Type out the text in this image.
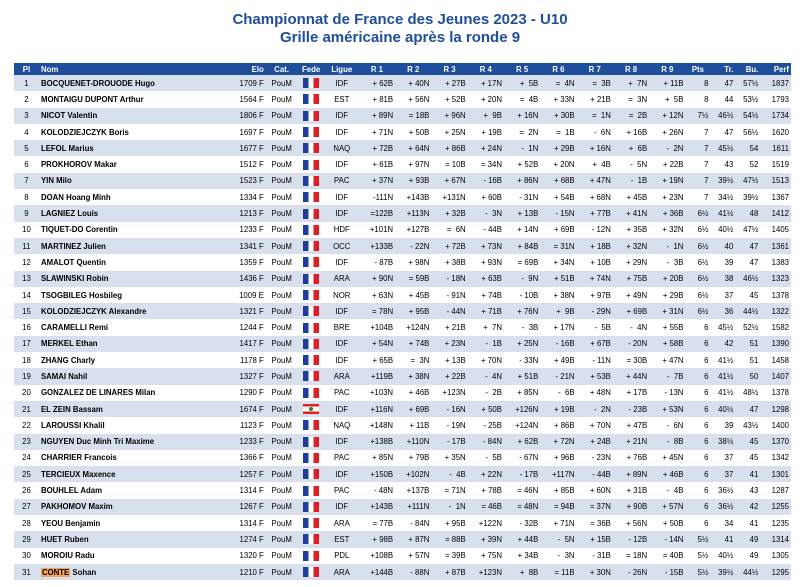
Championnat de France des Jeunes 2023 - U10
Grille américaine après la ronde 9
Pl	Nom	Elo	Cat.	Fede	Ligue	R 1	R 2	R 3	R 4	R 5	R 6	R 7	R 8	R 9	Pts	Tr.	Bu.	Perf
1	BOCQUENET-DROUODE Hugo	1709 F	PouM		IDF	+ 62B	+ 40N	+ 27B	+ 17N	+  5B	=  4N	=  3B	+  7N	+ 11B	8	47	57½	1837
2	MONTAIGU DUPONT Arthur	1564 F	PouM		EST	+ 81B	+ 56N	+ 52B	+ 20N	=  4B	+ 33N	+ 21B	=  3N	+  5B	8	44	53½	1793
3	NICOT Valentin	1806 F	PouM		IDF	+ 89N	= 18B	+ 96N	+  9B	+ 16N	+ 30B	=  1N	=  2B	+ 12N	7½	46½	54½	1734
4	KOLODZIEJCZYK Boris	1697 F	PouM		IDF	+ 71N	+ 50B	+ 25N	+ 19B	=  2N	=  1B	-  6N	+ 16B	+ 26N	7	47	56½	1620
5	LEFOL Marius	1677 F	PouM		NAQ	+ 72B	+ 64N	+ 86B	+ 24N	-  1N	+ 29B	+ 16N	+  6B	-  2N	7	45½	54	1611
6	PROKHOROV Makar	1512 F	PouM		IDF	+ 61B	+ 97N	= 10B	= 34N	+ 52B	+ 20N	+  4B	-  5N	+ 22B	7	43	52	1519
7	YIN Milo	1523 F	PouM		PAC	+ 37N	+ 93B	+ 67N	- 16B	+ 86N	+ 68B	+ 47N	-  1B	+ 19N	7	39½	47½	1513
8	DOAN Hoang Minh	1334 F	PouM		IDF	-111N	+143B	+131N	+ 60B	- 31N	+ 54B	+ 68N	+ 45B	+ 23N	7	34½	39½	1367
9	LAGNIEZ Louis	1213 F	PouM		IDF	=122B	+113N	+ 32B	-  3N	+ 13B	- 15N	+ 77B	+ 41N	+ 36B	6½	41½	48	1412
10	TIQUET-DO Corentin	1233 F	PouM		HDF	+101N	+127B	=  6N	- 44B	+ 14N	+ 69B	- 12N	+ 35B	+ 32N	6½	40½	47½	1405
11	MARTINEZ Julien	1341 F	PouM		OCC	+133B	- 22N	+ 72B	+ 73N	+ 84B	= 31N	+ 18B	+ 32N	-  1N	6½	40	47	1361
12	AMALOT Quentin	1359 F	PouM		IDF	- 87B	+ 98N	+ 38B	+ 93N	= 69B	+ 34N	+ 10B	+ 29N	-  3B	6½	39	47	1383
13	SLAWINSKI Robin	1436 F	PouM		ARA	+ 90N	= 59B	- 18N	+ 63B	-  9N	+ 51B	+ 74N	+ 75B	+ 20B	6½	38	46½	1323
14	TSOGBILEG Hosbileg	1009 E	PouM		NOR	+ 63N	+ 45B	- 91N	+ 74B	- 10B	+ 38N	+ 97B	+ 49N	+ 29B	6½	37	45	1378
15	KOLODZIEJCZYK Alexandre	1321 F	PouM		IDF	= 78N	+ 95B	- 44N	+ 71B	+ 76N	+  9B	- 29N	+ 69B	+ 31N	6½	36	44½	1322
16	CARAMELLI Remi	1244 F	PouM		BRE	+104B	+124N	+ 21B	+  7N	-  3B	+ 17N	-  5B	-  4N	+ 55B	6	45½	52½	1582
17	MERKEL Ethan	1417 F	PouM		IDF	+ 54N	+ 74B	+ 23N	-  1B	+ 25N	- 16B	+ 67B	- 20N	+ 58B	6	42	51	1390
18	ZHANG Charly	1178 F	PouM		IDF	+ 65B	=  3N	+ 13B	+ 70N	- 33N	+ 49B	- 11N	= 30B	+ 47N	6	41½	51	1458
19	SAMAI Nahil	1327 F	PouM		ARA	+119B	+ 38N	+ 22B	-  4N	+ 51B	- 21N	+ 53B	+ 44N	-  7B	6	41½	50	1407
20	GONZALEZ DE LINARES Milan	1290 F	PouM		PAC	+103N	+ 46B	+123N	-  2B	+ 85N	-  6B	+ 48N	+ 17B	- 13N	6	41½	48½	1378
21	EL ZEIN Bassam	1674 F	PouM		IDF	+116N	+ 69B	- 16N	+ 50B	+126N	+ 19B	-  2N	- 23B	+ 53N	6	40½	47	1298
22	LAROUSSI Khalil	1123 F	PouM		NAQ	+148N	+ 11B	- 19N	- 25B	+124N	+ 86B	+ 70N	+ 47B	-  6N	6	39	43½	1400
23	NGUYEN Duc Minh Tri Maxime	1233 F	PouM		IDF	+138B	+110N	- 17B	- 84N	+ 62B	+ 72N	+ 24B	+ 21N	-  8B	6	38½	45	1370
24	CHARRIER Francois	1366 F	PouM		PAC	+ 85N	+ 79B	+ 35N	-  5B	- 67N	+ 96B	- 23N	+ 76B	+ 45N	6	37	45	1342
25	TERCIEUX Maxence	1257 F	PouM		IDF	+150B	+102N	-  4B	+ 22N	- 17B	+117N	- 44B	+ 89N	+ 46B	6	37	41	1301
26	BOUHLEL Adam	1314 F	PouM		PAC	- 48N	+137B	= 71N	+ 78B	= 46N	+ 85B	+ 60N	+ 31B	-  4B	6	36½	43	1287
27	PAKHOMOV Maxim	1267 F	PouM		IDF	+143B	+111N	-  1N	= 46B	= 48N	= 94B	= 37N	+ 90B	+ 57N	6	36½	42	1255
28	YEOU Benjamin	1314 F	PouM		ARA	= 77B	- 84N	+ 95B	+122N	- 32B	+ 71N	= 36B	+ 56N	+ 50B	6	34	41	1235
29	HUET Ruben	1274 F	PouM		EST	+ 98B	+ 87N	= 88B	+ 39N	+ 44B	-  5N	+ 15B	- 12B	- 14N	5½	41	49	1314
30	MOROIU Radu	1320 F	PouM		PDL	+108B	+ 57N	= 39B	+ 75N	+ 34B	-  3N	- 31B	= 18N	= 40B	5½	40½	49	1305
31	CONTE Sohan	1210 F	PouM		ARA	+144B	- 88N	+ 87B	+123N	+  8B	= 11B	+ 30N	- 26N	- 15B	5½	39½	44½	1295
